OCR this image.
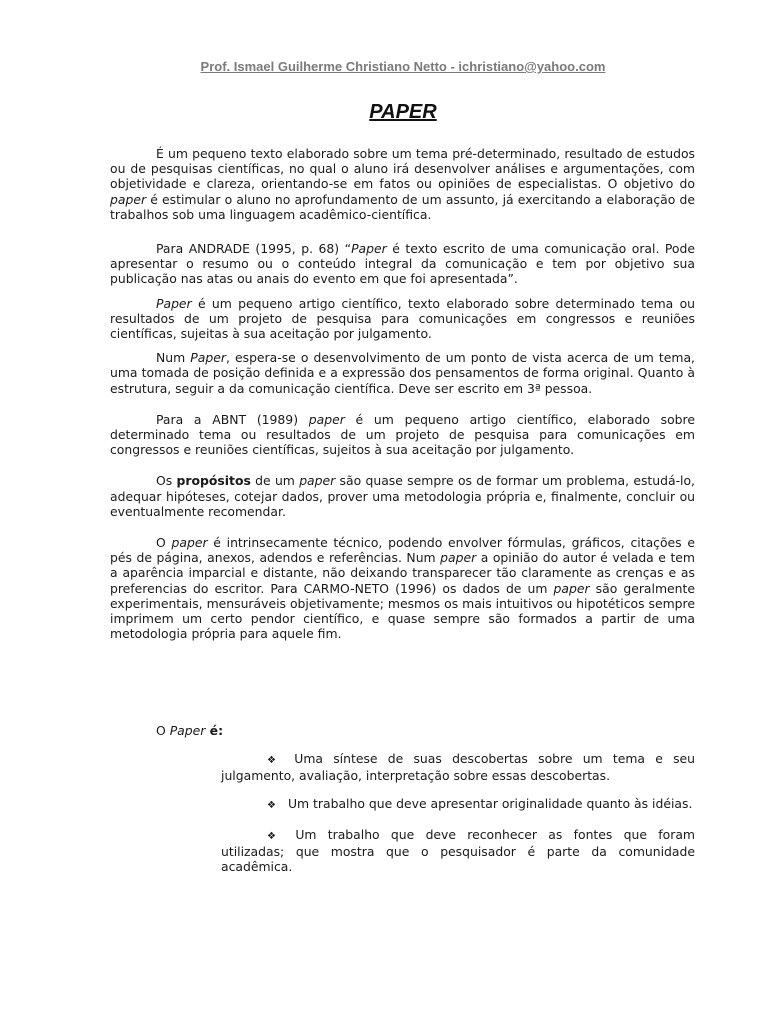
Prof. Ismael Guilherme Christiano Netto - ichristiano@yahoo.com
PAPER

É um pequeno texto elaborado sobre um tema pré-determinado, resultado de estudos ou de pesquisas científicas, no qual o aluno irá desenvolver análises e argumentações, com objetividade e clareza, orientando-se em fatos ou opiniões de especialistas. O objetivo do paper é estimular o aluno no aprofundamento de um assunto, já exercitando a elaboração de trabalhos sob uma linguagem acadêmico-científica.

Para ANDRADE (1995, p. 68) “Paper é texto escrito de uma comunicação oral. Pode apresentar o resumo ou o conteúdo integral da comunicação e tem por objetivo sua publicação nas atas ou anais do evento em que foi apresentada”.

Paper é um pequeno artigo científico, texto elaborado sobre determinado tema ou resultados de um projeto de pesquisa para comunicações em congressos e reuniões científicas, sujeitas à sua aceitação por julgamento.

Num Paper, espera-se o desenvolvimento de um ponto de vista acerca de um tema, uma tomada de posição definida e a expressão dos pensamentos de forma original. Quanto à estrutura, seguir a da comunicação científica. Deve ser escrito em 3ª pessoa.

Para a ABNT (1989) paper é um pequeno artigo científico, elaborado sobre determinado tema ou resultados de um projeto de pesquisa para comunicações em congressos e reuniões científicas, sujeitos à sua aceitação por julgamento.

Os propósitos de um paper são quase sempre os de formar um problema, estudá-lo, adequar hipóteses, cotejar dados, prover uma metodologia própria e, finalmente, concluir ou eventualmente recomendar.

O paper é intrinsecamente técnico, podendo envolver fórmulas, gráficos, citações e pés de página, anexos, adendos e referências. Num paper a opinião do autor é velada e tem a aparência imparcial e distante, não deixando transparecer tão claramente as crenças e as preferencias do escritor. Para CARMO-NETO (1996) os dados de um paper são geralmente experimentais, mensuráveis objetivamente; mesmos os mais intuitivos ou hipotéticos sempre imprimem um certo pendor científico, e quase sempre são formados a partir de uma metodologia própria para aquele fim.

O Paper é:

❖ Uma síntese de suas descobertas sobre um tema e seu julgamento, avaliação, interpretação sobre essas descobertas.

❖ Um trabalho que deve apresentar originalidade quanto às idéias.

❖ Um trabalho que deve reconhecer as fontes que foram utilizadas; que mostra que o pesquisador é parte da comunidade acadêmica.
